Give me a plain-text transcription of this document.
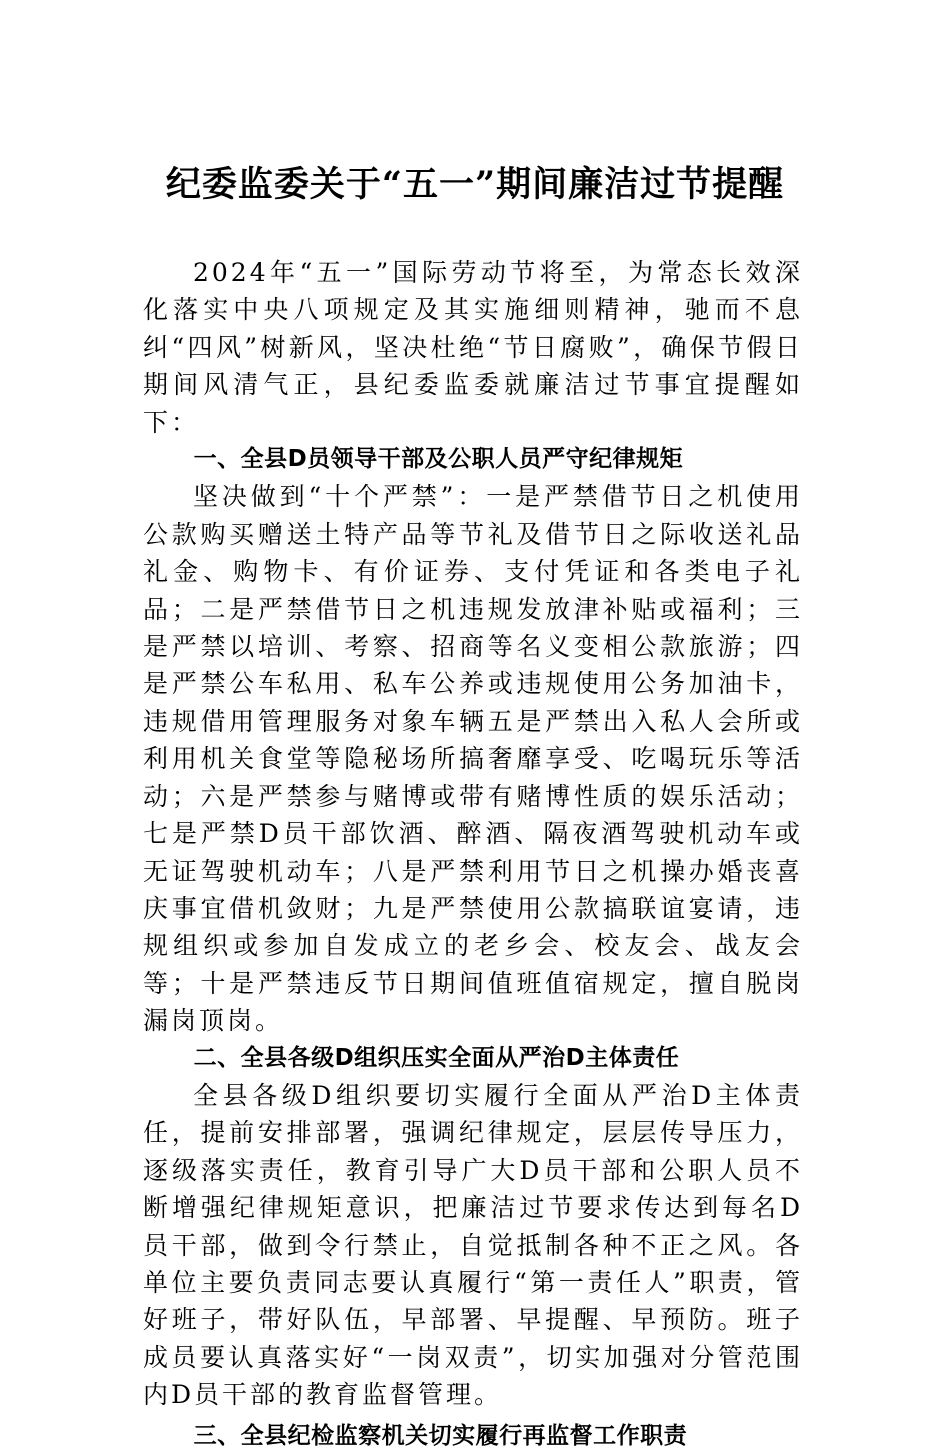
纪委监委关于“五一”期间廉洁过节提醒

2024年“五一”国际劳动节将至，为常态长效深化落实中央八项规定及其实施细则精神，驰而不息纠“四风”树新风，坚决杜绝“节日腐败”，确保节假日期间风清气正，县纪委监委就廉洁过节事宜提醒如下：

一、全县D员领导干部及公职人员严守纪律规矩

坚决做到“十个严禁”：一是严禁借节日之机使用公款购买赠送土特产品等节礼及借节日之际收送礼品礼金、购物卡、有价证券、支付凭证和各类电子礼品；二是严禁借节日之机违规发放津补贴或福利；三是严禁以培训、考察、招商等名义变相公款旅游；四是严禁公车私用、私车公养或违规使用公务加油卡，违规借用管理服务对象车辆五是严禁出入私人会所或利用机关食堂等隐秘场所搞奢靡享受、吃喝玩乐等活动；六是严禁参与赌博或带有赌博性质的娱乐活动；七是严禁D员干部饮酒、醉酒、隔夜酒驾驶机动车或无证驾驶机动车；八是严禁利用节日之机操办婚丧喜庆事宜借机敛财；九是严禁使用公款搞联谊宴请，违规组织或参加自发成立的老乡会、校友会、战友会等；十是严禁违反节日期间值班值宿规定，擅自脱岗漏岗顶岗。

二、全县各级D组织压实全面从严治D主体责任

全县各级D组织要切实履行全面从严治D主体责任，提前安排部署，强调纪律规定，层层传导压力，逐级落实责任，教育引导广大D员干部和公职人员不断增强纪律规矩意识，把廉洁过节要求传达到每名D员干部，做到令行禁止，自觉抵制各种不正之风。各单位主要负责同志要认真履行“第一责任人”职责，管好班子，带好队伍，早部署、早提醒、早预防。班子成员要认真落实好“一岗双责”，切实加强对分管范围内D员干部的教育监督管理。

三、全县纪检监察机关切实履行再监督工作职责
